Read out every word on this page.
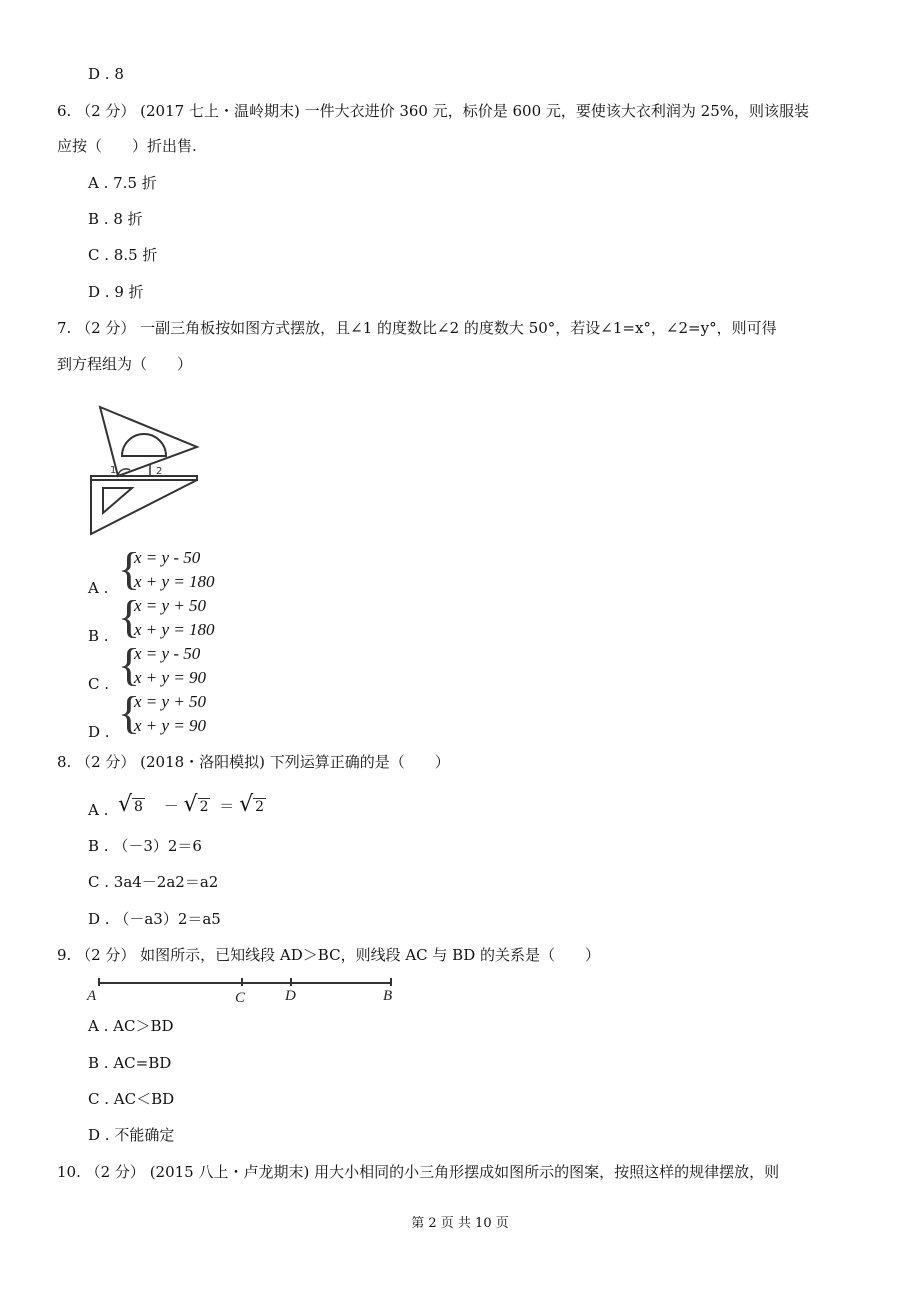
D . 8
6. （2 分） (2017 七上・温岭期末) 一件大衣进价 360 元，标价是 600 元，要使该大衣利润为 25%，则该服装
应按（　　）折出售.
A . 7.5 折
B . 8 折
C . 8.5 折
D . 9 折
7. （2 分） 一副三角板按如图方式摆放，且∠1 的度数比∠2 的度数大 50°，若设∠1=x°，∠2=y°，则可得
到方程组为（　　）
1	2
A . {
x = y - 50
x + y = 180
B . {
x = y + 50
x + y = 180
C . {
x = y - 50
x + y = 90
D . {
x = y + 50
x + y = 90
8. （2 分） (2018・洛阳模拟) 下列运算正确的是（　　）
A . √ 8 － √ 2 ＝ √ 2
B . （－3）2＝6
C . 3a4－2a2＝a2
D . （－a3）2＝a5
9. （2 分） 如图所示，已知线段 AD＞BC，则线段 AC 与 BD 的关系是（　　）
A	C	D	B
A . AC＞BD
B . AC=BD
C . AC＜BD
D . 不能确定
10. （2 分） (2015 八上・卢龙期末) 用大小相同的小三角形摆成如图所示的图案，按照这样的规律摆放，则
第 2 页 共 10 页
